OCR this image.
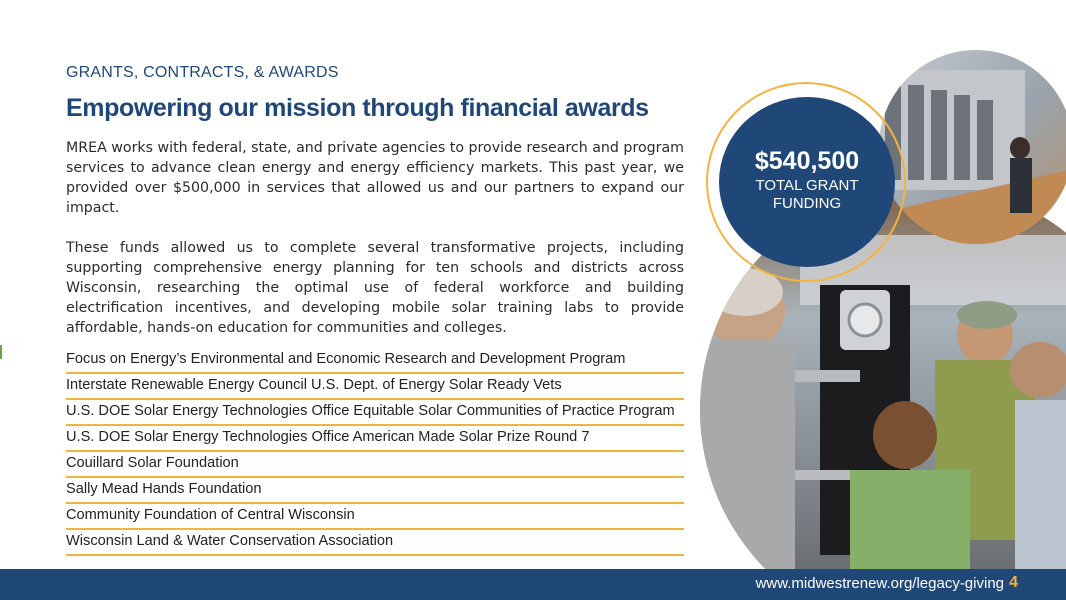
GRANTS, CONTRACTS, & AWARDS
Empowering our mission through financial awards

MREA works with federal, state, and private agencies to provide research and program services to advance clean energy and energy efficiency markets. This past year, we provided over $500,000 in services that allowed us and our partners to expand our impact.

These funds allowed us to complete several transformative projects, including supporting comprehensive energy planning for ten schools and districts across Wisconsin, researching the optimal use of federal workforce and building electrification incentives, and developing mobile solar training labs to provide affordable, hands-on education for communities and colleges.

Focus on Energy’s Environmental and Economic Research and Development Program
Interstate Renewable Energy Council U.S. Dept. of Energy Solar Ready Vets
U.S. DOE Solar Energy Technologies Office Equitable Solar Communities of Practice Program
U.S. DOE Solar Energy Technologies Office American Made Solar Prize Round 7
Couillard Solar Foundation
Sally Mead Hands Foundation
Community Foundation of Central Wisconsin
Wisconsin Land & Water Conservation Association
$540,500
TOTAL GRANT
FUNDING
www.midwestrenew.org/legacy-giving 4
